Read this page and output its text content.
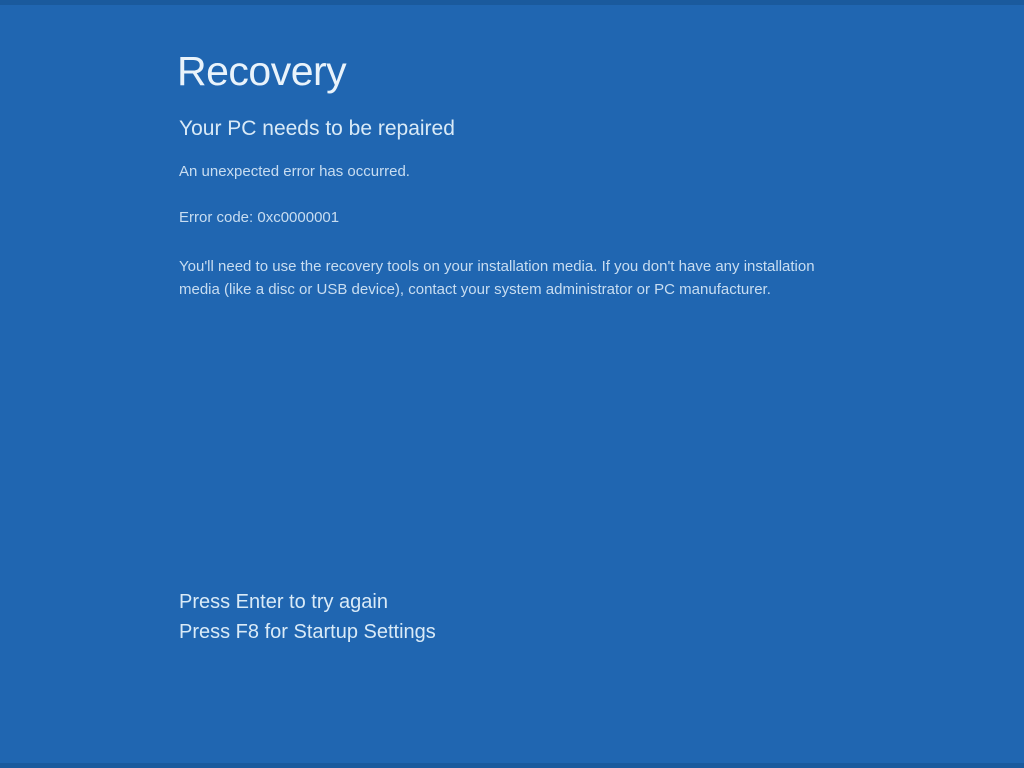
Recovery
Your PC needs to be repaired

An unexpected error has occurred.

Error code: 0xc0000001

You'll need to use the recovery tools on your installation media. If you don't have any installation
media (like a disc or USB device), contact your system administrator or PC manufacturer.
Press Enter to try again
Press F8 for Startup Settings
